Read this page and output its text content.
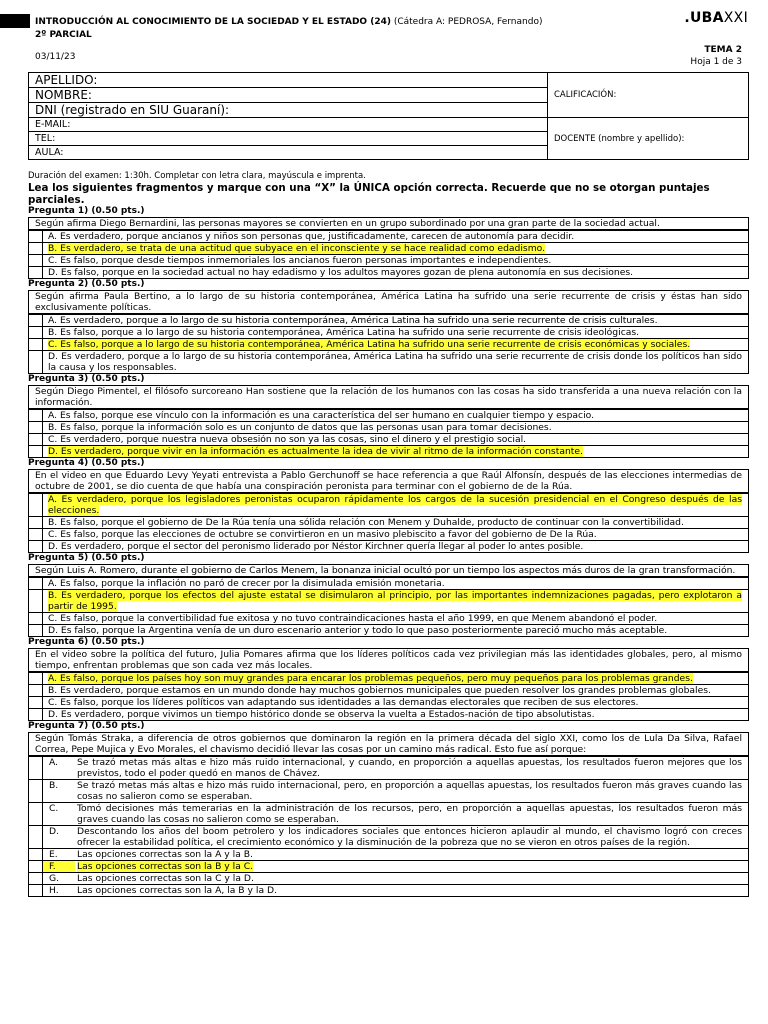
INTRODUCCIÓN AL CONOCIMIENTO DE LA SOCIEDAD Y EL ESTADO (24) (Cátedra A: PEDROSA, Fernando)
2º PARCIAL
.UBAXXI
03/11/23
TEMA 2
Hoja 1 de 3
APELLIDO:	CALIFICACIÓN:
NOMBRE:	
DNI (registrado en SIU Guaraní):	
E-MAIL:	DOCENTE (nombre y apellido):
TEL:	
AULA:	
Duración del examen: 1:30h. Completar con letra clara, mayúscula e imprenta.
Lea los siguientes fragmentos y marque con una “X” la ÚNICA opción correcta. Recuerde que no se otorgan puntajes parciales.
Pregunta 1) (0.50 pts.)
Según afirma Diego Bernardini, las personas mayores se convierten en un grupo subordinado por una gran parte de la sociedad actual.
A. Es verdadero, porque ancianos y niños son personas que, justificadamente, carecen de autonomía para decidir.
B. Es verdadero, se trata de una actitud que subyace en el inconsciente y se hace realidad como edadismo.
C. Es falso, porque desde tiempos inmemoriales los ancianos fueron personas importantes e independientes.
D. Es falso, porque en la sociedad actual no hay edadismo y los adultos mayores gozan de plena autonomía en sus decisiones.
Pregunta 2) (0.50 pts.)
Según afirma Paula Bertino, a lo largo de su historia contemporánea, América Latina ha sufrido una serie recurrente de crisis y éstas han sido exclusivamente políticas.
A. Es verdadero, porque a lo largo de su historia contemporánea, América Latina ha sufrido una serie recurrente de crisis culturales.
B. Es falso, porque a lo largo de su historia contemporánea, América Latina ha sufrido una serie recurrente de crisis ideológicas.
C. Es falso, porque a lo largo de su historia contemporánea, América Latina ha sufrido una serie recurrente de crisis económicas y sociales.
D. Es verdadero, porque a lo largo de su historia contemporánea, América Latina ha sufrido una serie recurrente de crisis donde los políticos han sido la causa y los responsables.
Pregunta 3) (0.50 pts.)
Según Diego Pimentel, el filósofo surcoreano Han sostiene que la relación de los humanos con las cosas ha sido transferida a una nueva relación con la información.
A. Es falso, porque ese vínculo con la información es una característica del ser humano en cualquier tiempo y espacio.
B. Es falso, porque la información solo es un conjunto de datos que las personas usan para tomar decisiones.
C. Es verdadero, porque nuestra nueva obsesión no son ya las cosas, sino el dinero y el prestigio social.
D. Es verdadero, porque vivir en la información es actualmente la idea de vivir al ritmo de la información constante.
Pregunta 4) (0.50 pts.)
En el video en que Eduardo Levy Yeyati entrevista a Pablo Gerchunoff se hace referencia a que Raúl Alfonsín, después de las elecciones intermedias de octubre de 2001, se dio cuenta de que había una conspiración peronista para terminar con el gobierno de de la Rúa.
A. Es verdadero, porque los legisladores peronistas ocuparon rápidamente los cargos de la sucesión presidencial en el Congreso después de las elecciones.
B. Es falso, porque el gobierno de De la Rúa tenía una sólida relación con Menem y Duhalde, producto de continuar con la convertibilidad.
C. Es falso, porque las elecciones de octubre se convirtieron en un masivo plebiscito a favor del gobierno de De la Rúa.
D. Es verdadero, porque el sector del peronismo liderado por Néstor Kirchner quería llegar al poder lo antes posible.
Pregunta 5) (0.50 pts.)
Según Luis A. Romero, durante el gobierno de Carlos Menem, la bonanza inicial ocultó por un tiempo los aspectos más duros de la gran transformación.
A. Es falso, porque la inflación no paró de crecer por la disimulada emisión monetaria.
B. Es verdadero, porque los efectos del ajuste estatal se disimularon al principio, por las importantes indemnizaciones pagadas, pero explotaron a partir de 1995.
C. Es falso, porque la convertibilidad fue exitosa y no tuvo contraindicaciones hasta el año 1999, en que Menem abandonó el poder.
D. Es falso, porque la Argentina venía de un duro escenario anterior y todo lo que paso posteriormente pareció mucho más aceptable.
Pregunta 6) (0.50 pts.)
En el video sobre la política del futuro, Julia Pomares afirma que los líderes políticos cada vez privilegian más las identidades globales, pero, al mismo tiempo, enfrentan problemas que son cada vez más locales.
A. Es falso, porque los países hoy son muy grandes para encarar los problemas pequeños, pero muy pequeños para los problemas grandes.
B. Es verdadero, porque estamos en un mundo donde hay muchos gobiernos municipales que pueden resolver los grandes problemas globales.
C. Es falso, porque los líderes políticos van adaptando sus identidades a las demandas electorales que reciben de sus electores.
D. Es verdadero, porque vivimos un tiempo histórico donde se observa la vuelta a Estados-nación de tipo absolutistas.
Pregunta 7) (0.50 pts.)
Según Tomás Straka, a diferencia de otros gobiernos que dominaron la región en la primera década del siglo XXI, como los de Lula Da Silva, Rafael Correa, Pepe Mujica y Evo Morales, el chavismo decidió llevar las cosas por un camino más radical. Esto fue así porque:
A.	Se trazó metas más altas e hizo más ruido internacional, y cuando, en proporción a aquellas apuestas, los resultados fueron mejores que los previstos, todo el poder quedó en manos de Chávez.
B.	Se trazó metas más altas e hizo más ruido internacional, pero, en proporción a aquellas apuestas, los resultados fueron más graves cuando las cosas no salieron como se esperaban.
C.	Tomó decisiones más temerarias en la administración de los recursos, pero, en proporción a aquellas apuestas, los resultados fueron más graves cuando las cosas no salieron como se esperaban.
D.	Descontando los años del boom petrolero y los indicadores sociales que entonces hicieron aplaudir al mundo, el chavismo logró con creces ofrecer la estabilidad política, el crecimiento económico y la disminución de la pobreza que no se vieron en otros países de la región.
E.	Las opciones correctas son la A y la B.
F.	Las opciones correctas son la B y la C.
G.	Las opciones correctas son la C y la D.
H.	Las opciones correctas son la A, la B y la D.
